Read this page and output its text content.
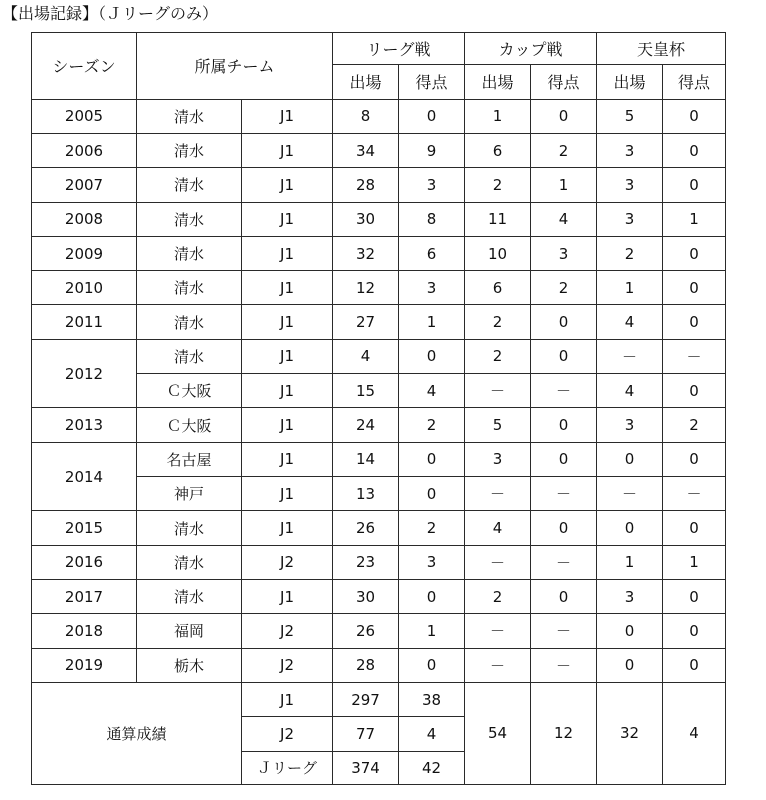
【出場記録】（Ｊリーグのみ）
シーズン	所属チーム		リーグ戦		カップ戦		天皇杯	
			出場	得点	出場	得点	出場	得点
2005	清水	J1	8	0	1	0	5	0
2006	清水	J1	34	9	6	2	3	0
2007	清水	J1	28	3	2	1	3	0
2008	清水	J1	30	8	11	4	3	1
2009	清水	J1	32	6	10	3	2	0
2010	清水	J1	12	3	6	2	1	0
2011	清水	J1	27	1	2	0	4	0
2012	清水	J1	4	0	2	0	－	－
	Ｃ大阪	J1	15	4	－	－	4	0
2013	Ｃ大阪	J1	24	2	5	0	3	2
2014	名古屋	J1	14	0	3	0	0	0
	神戸	J1	13	0	－	－	－	－
2015	清水	J1	26	2	4	0	0	0
2016	清水	J2	23	3	－	－	1	1
2017	清水	J1	30	0	2	0	3	0
2018	福岡	J2	26	1	－	－	0	0
2019	栃木	J2	28	0	－	－	0	0
通算成績		J1	297	38	54	12	32	4
		J2	77	4				
		Ｊリーグ	374	42				
